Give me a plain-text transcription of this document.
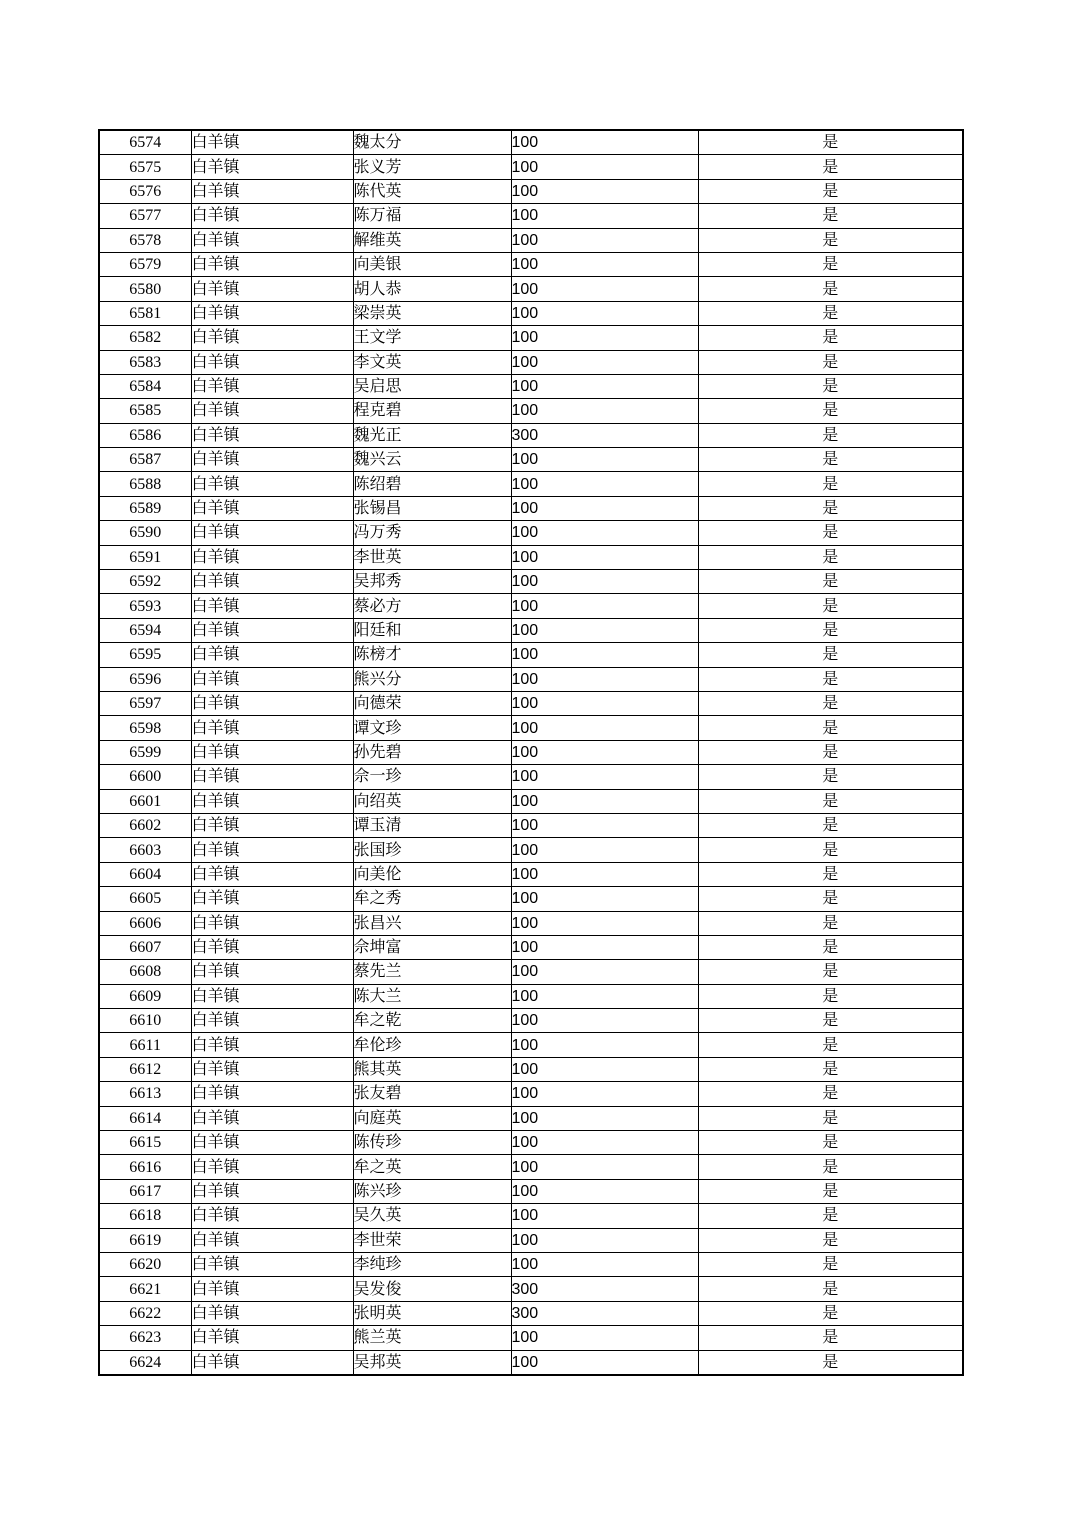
6574	白羊镇	魏太分	100	是
6575	白羊镇	张义芳	100	是
6576	白羊镇	陈代英	100	是
6577	白羊镇	陈万福	100	是
6578	白羊镇	解维英	100	是
6579	白羊镇	向美银	100	是
6580	白羊镇	胡人恭	100	是
6581	白羊镇	梁崇英	100	是
6582	白羊镇	王文学	100	是
6583	白羊镇	李文英	100	是
6584	白羊镇	吴启思	100	是
6585	白羊镇	程克碧	100	是
6586	白羊镇	魏光正	300	是
6587	白羊镇	魏兴云	100	是
6588	白羊镇	陈绍碧	100	是
6589	白羊镇	张锡昌	100	是
6590	白羊镇	冯万秀	100	是
6591	白羊镇	李世英	100	是
6592	白羊镇	吴邦秀	100	是
6593	白羊镇	蔡必方	100	是
6594	白羊镇	阳廷和	100	是
6595	白羊镇	陈榜才	100	是
6596	白羊镇	熊兴分	100	是
6597	白羊镇	向德荣	100	是
6598	白羊镇	谭文珍	100	是
6599	白羊镇	孙先碧	100	是
6600	白羊镇	佘一珍	100	是
6601	白羊镇	向绍英	100	是
6602	白羊镇	谭玉清	100	是
6603	白羊镇	张国珍	100	是
6604	白羊镇	向美伦	100	是
6605	白羊镇	牟之秀	100	是
6606	白羊镇	张昌兴	100	是
6607	白羊镇	佘坤富	100	是
6608	白羊镇	蔡先兰	100	是
6609	白羊镇	陈大兰	100	是
6610	白羊镇	牟之乾	100	是
6611	白羊镇	牟伦珍	100	是
6612	白羊镇	熊其英	100	是
6613	白羊镇	张友碧	100	是
6614	白羊镇	向庭英	100	是
6615	白羊镇	陈传珍	100	是
6616	白羊镇	牟之英	100	是
6617	白羊镇	陈兴珍	100	是
6618	白羊镇	吴久英	100	是
6619	白羊镇	李世荣	100	是
6620	白羊镇	李纯珍	100	是
6621	白羊镇	吴发俊	300	是
6622	白羊镇	张明英	300	是
6623	白羊镇	熊兰英	100	是
6624	白羊镇	吴邦英	100	是
